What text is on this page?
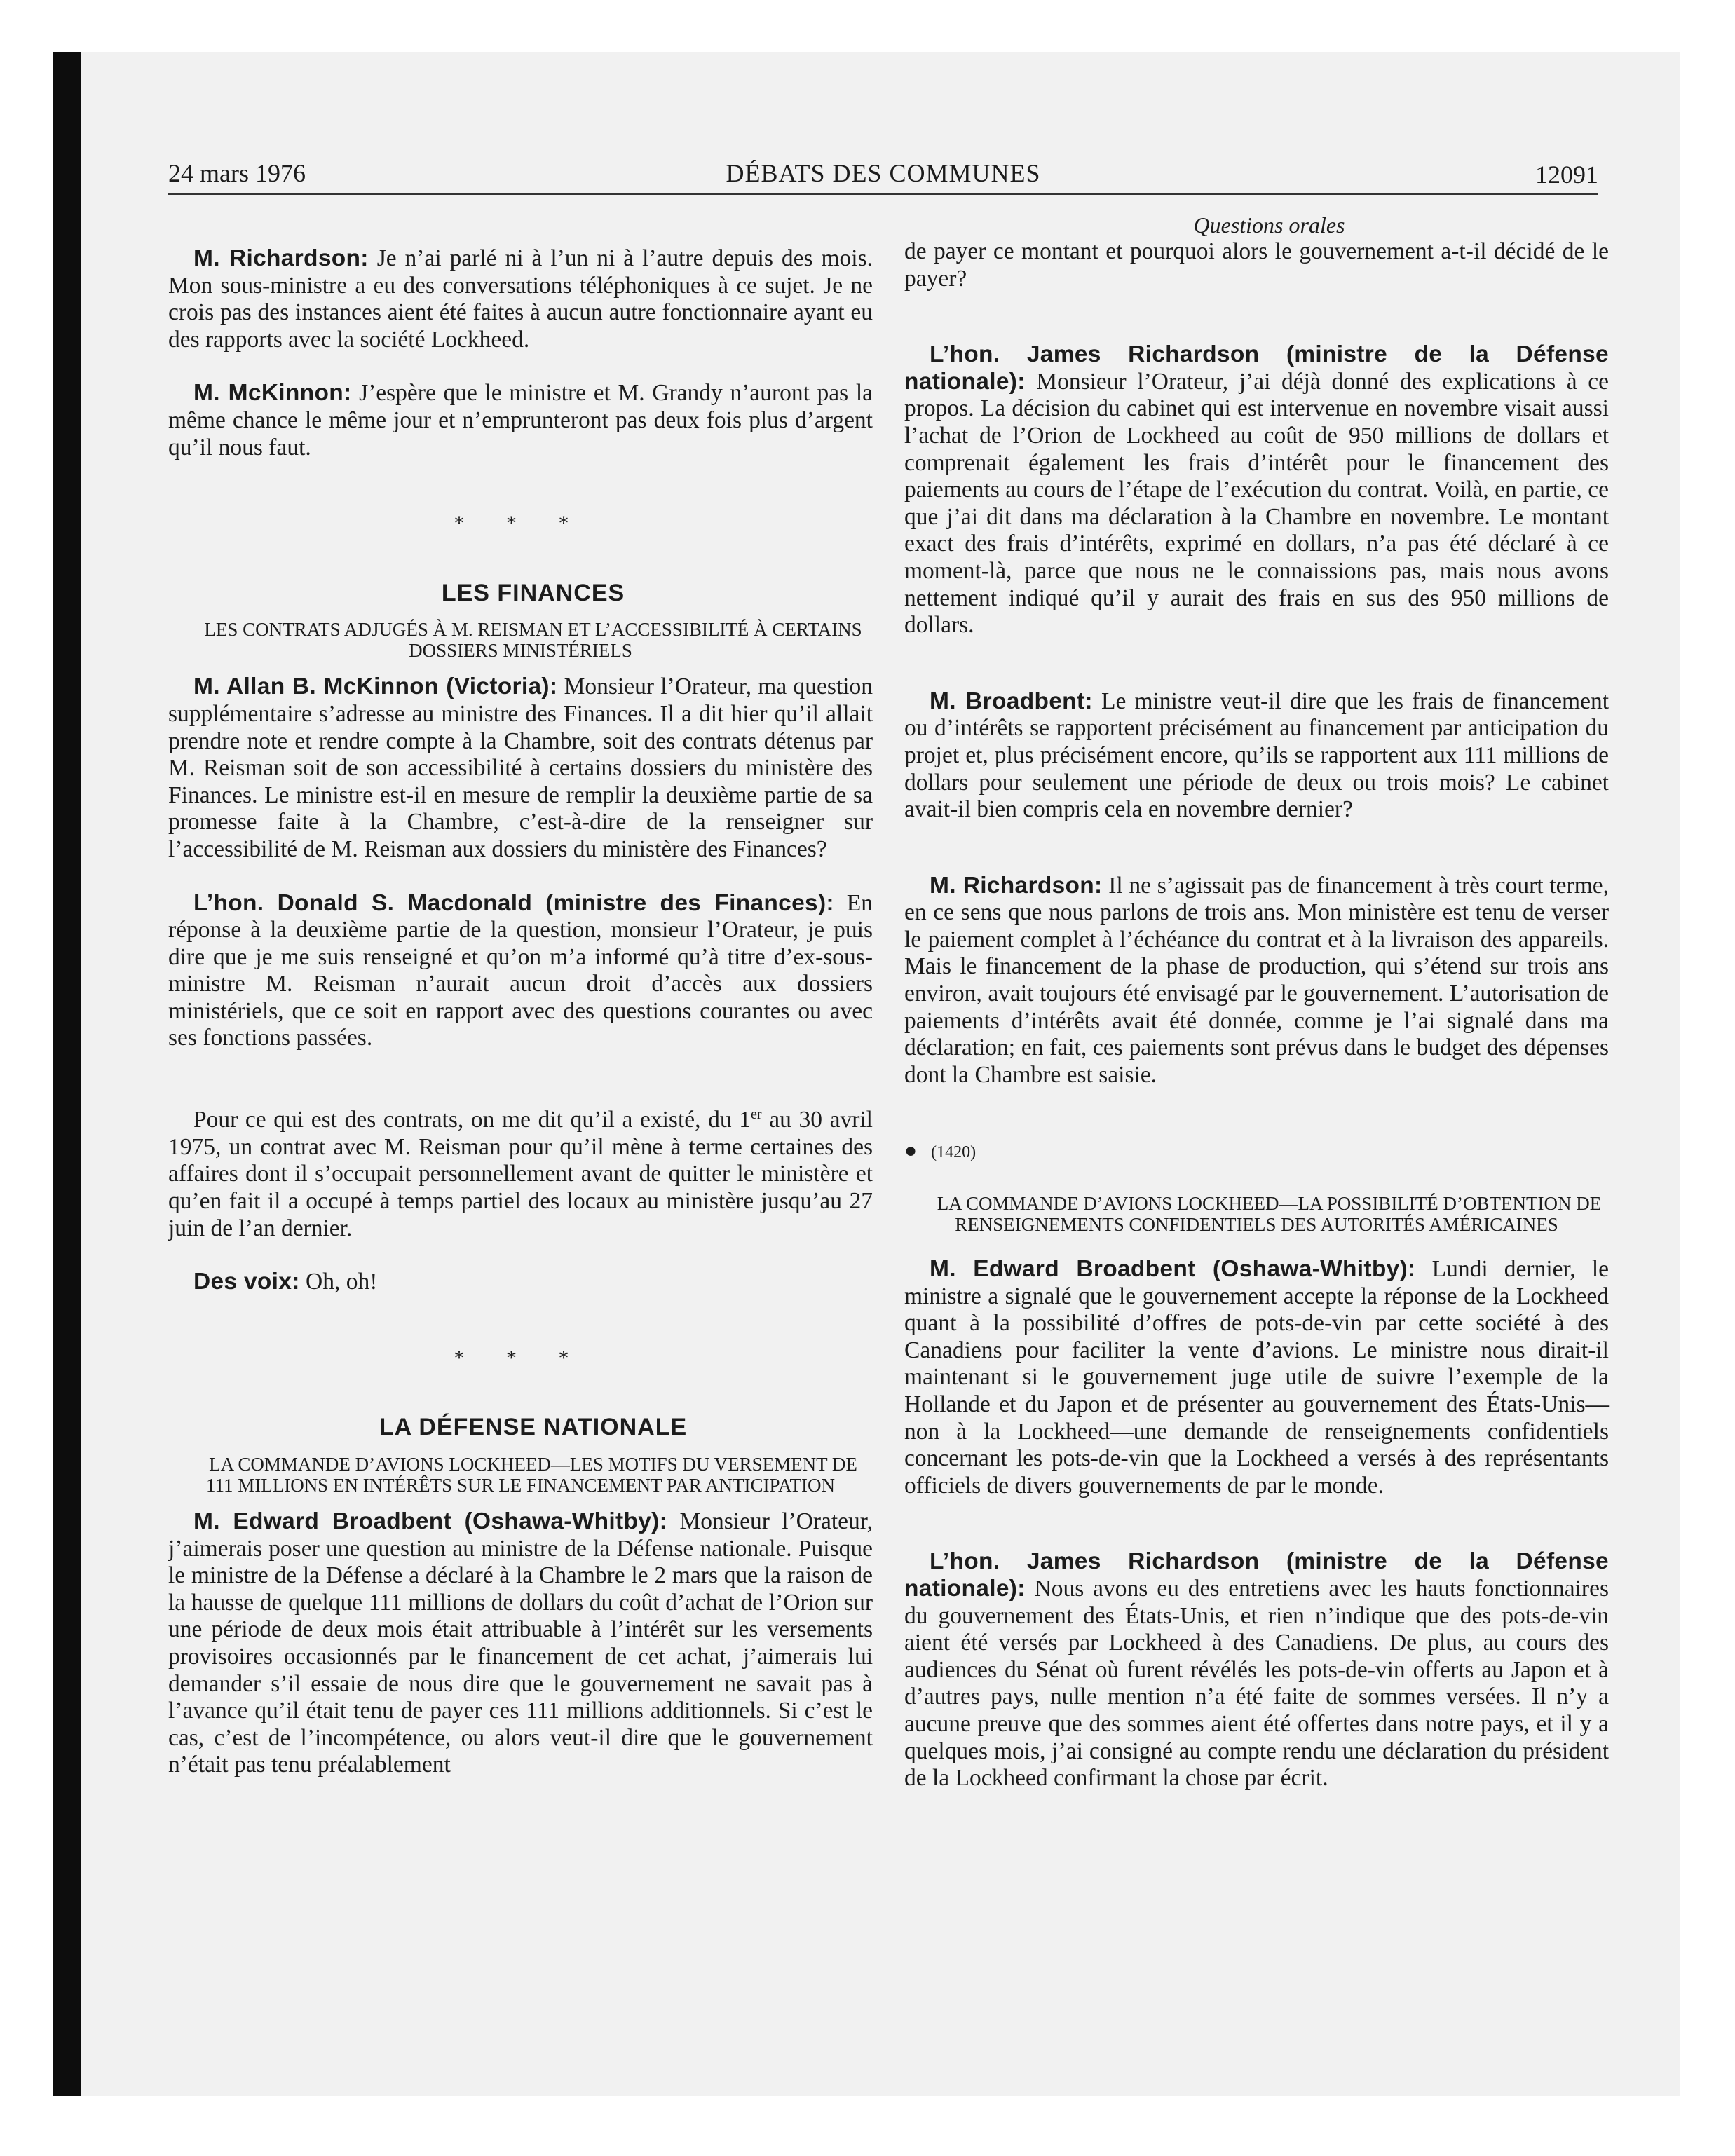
24 mars 1976	DÉBATS DES COMMUNES	12091

M. Richardson: Je n’ai parlé ni à l’un ni à l’autre depuis des mois. Mon sous-ministre a eu des conversations téléphoniques à ce sujet. Je ne crois pas des instances aient été faites à aucun autre fonctionnaire ayant eu des rapports avec la société Lockheed.

M. McKinnon: J’espère que le ministre et M. Grandy n’auront pas la même chance le même jour et n’emprunteront pas deux fois plus d’argent qu’il nous faut.

* * *

LES FINANCES

LES CONTRATS ADJUGÉS À M. REISMAN ET L’ACCESSIBILITÉ À CERTAINS DOSSIERS MINISTÉRIELS

M. Allan B. McKinnon (Victoria): Monsieur l’Orateur, ma question supplémentaire s’adresse au ministre des Finances. Il a dit hier qu’il allait prendre note et rendre compte à la Chambre, soit des contrats détenus par M. Reisman soit de son accessibilité à certains dossiers du ministère des Finances. Le ministre est-il en mesure de remplir la deuxième partie de sa promesse faite à la Chambre, c’est-à-dire de la renseigner sur l’accessibilité de M. Reisman aux dossiers du ministère des Finances?

L’hon. Donald S. Macdonald (ministre des Finances): En réponse à la deuxième partie de la question, monsieur l’Orateur, je puis dire que je me suis renseigné et qu’on m’a informé qu’à titre d’ex-sous-ministre M. Reisman n’aurait aucun droit d’accès aux dossiers ministériels, que ce soit en rapport avec des questions courantes ou avec ses fonctions passées.

Pour ce qui est des contrats, on me dit qu’il a existé, du 1er au 30 avril 1975, un contrat avec M. Reisman pour qu’il mène à terme certaines des affaires dont il s’occupait personnellement avant de quitter le ministère et qu’en fait il a occupé à temps partiel des locaux au ministère jusqu’au 27 juin de l’an dernier.

Des voix: Oh, oh!

* * *

LA DÉFENSE NATIONALE

LA COMMANDE D’AVIONS LOCKHEED—LES MOTIFS DU VERSEMENT DE 111 MILLIONS EN INTÉRÊTS SUR LE FINANCEMENT PAR ANTICIPATION

M. Edward Broadbent (Oshawa-Whitby): Monsieur l’Orateur, j’aimerais poser une question au ministre de la Défense nationale. Puisque le ministre de la Défense a déclaré à la Chambre le 2 mars que la raison de la hausse de quelque 111 millions de dollars du coût d’achat de l’Orion sur une période de deux mois était attribuable à l’intérêt sur les versements provisoires occasionnés par le financement de cet achat, j’aimerais lui demander s’il essaie de nous dire que le gouvernement ne savait pas à l’avance qu’il était tenu de payer ces 111 millions additionnels. Si c’est le cas, c’est de l’incompétence, ou alors veut-il dire que le gouvernement n’était pas tenu préalablement

Questions orales

de payer ce montant et pourquoi alors le gouvernement a-t-il décidé de le payer?

L’hon. James Richardson (ministre de la Défense nationale): Monsieur l’Orateur, j’ai déjà donné des explications à ce propos. La décision du cabinet qui est intervenue en novembre visait aussi l’achat de l’Orion de Lockheed au coût de 950 millions de dollars et comprenait également les frais d’intérêt pour le financement des paiements au cours de l’étape de l’exécution du contrat. Voilà, en partie, ce que j’ai dit dans ma déclaration à la Chambre en novembre. Le montant exact des frais d’intérêts, exprimé en dollars, n’a pas été déclaré à ce moment-là, parce que nous ne le connaissions pas, mais nous avons nettement indiqué qu’il y aurait des frais en sus des 950 millions de dollars.

M. Broadbent: Le ministre veut-il dire que les frais de financement ou d’intérêts se rapportent précisément au financement par anticipation du projet et, plus précisément encore, qu’ils se rapportent aux 111 millions de dollars pour seulement une période de deux ou trois mois? Le cabinet avait-il bien compris cela en novembre dernier?

M. Richardson: Il ne s’agissait pas de financement à très court terme, en ce sens que nous parlons de trois ans. Mon ministère est tenu de verser le paiement complet à l’échéance du contrat et à la livraison des appareils. Mais le financement de la phase de production, qui s’étend sur trois ans environ, avait toujours été envisagé par le gouvernement. L’autorisation de paiements d’intérêts avait été donnée, comme je l’ai signalé dans ma déclaration; en fait, ces paiements sont prévus dans le budget des dépenses dont la Chambre est saisie.

● (1420)

LA COMMANDE D’AVIONS LOCKHEED—LA POSSIBILITÉ D’OBTENTION DE RENSEIGNEMENTS CONFIDENTIELS DES AUTORITÉS AMÉRICAINES

M. Edward Broadbent (Oshawa-Whitby): Lundi dernier, le ministre a signalé que le gouvernement accepte la réponse de la Lockheed quant à la possibilité d’offres de pots-de-vin par cette société à des Canadiens pour faciliter la vente d’avions. Le ministre nous dirait-il maintenant si le gouvernement juge utile de suivre l’exemple de la Hollande et du Japon et de présenter au gouvernement des États-Unis—non à la Lockheed—une demande de renseignements confidentiels concernant les pots-de-vin que la Lockheed a versés à des représentants officiels de divers gouvernements de par le monde.

L’hon. James Richardson (ministre de la Défense nationale): Nous avons eu des entretiens avec les hauts fonctionnaires du gouvernement des États-Unis, et rien n’indique que des pots-de-vin aient été versés par Lockheed à des Canadiens. De plus, au cours des audiences du Sénat où furent révélés les pots-de-vin offerts au Japon et à d’autres pays, nulle mention n’a été faite de sommes versées. Il n’y a aucune preuve que des sommes aient été offertes dans notre pays, et il y a quelques mois, j’ai consigné au compte rendu une déclaration du président de la Lockheed confirmant la chose par écrit.
